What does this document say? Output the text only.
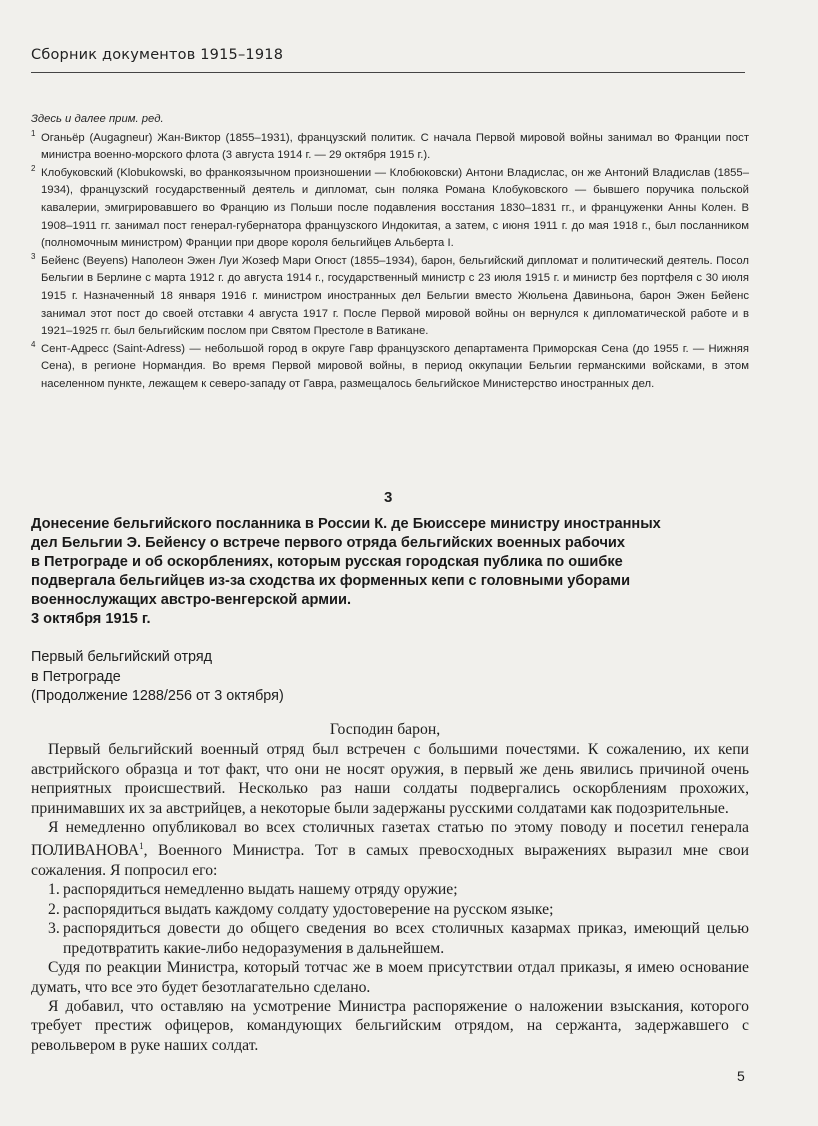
Сборник документов 1915–1918

Здесь и далее прим. ред.

1 Оганьёр (Augagneur) Жан-Виктор (1855–1931), французский политик. С начала Первой мировой войны занимал во Франции пост министра военно-морского флота (3 августа 1914 г. — 29 октября 1915 г.).

2 Клобуковский (Klobukowski, во франкоязычном произношении — Клобюковски) Антони Владислас, он же Антоний Владислав (1855–1934), французский государственный деятель и дипломат, сын поляка Романа Клобуковского — бывшего поручика польской кавалерии, эмигрировавшего во Францию из Польши после подавления восстания 1830–1831 гг., и француженки Анны Колен. В 1908–1911 гг. занимал пост генерал-губернатора французского Индокитая, а затем, с июня 1911 г. до мая 1918 г., был посланником (полномочным министром) Франции при дворе короля бельгийцев Альберта I.

3 Бейенс (Beyens) Наполеон Эжен Луи Жозеф Мари Огюст (1855–1934), барон, бельгийский дипломат и политический деятель. Посол Бельгии в Берлине с марта 1912 г. до августа 1914 г., государственный министр с 23 июля 1915 г. и министр без портфеля с 30 июля 1915 г. Назначенный 18 января 1916 г. министром иностранных дел Бельгии вместо Жюльена Давиньона, барон Эжен Бейенс занимал этот пост до своей отставки 4 августа 1917 г. После Первой мировой войны он вернулся к дипломатической работе и в 1921–1925 гг. был бельгийским послом при Святом Престоле в Ватикане.

4 Сент-Адресс (Saint-Adress) — небольшой город в округе Гавр французского департамента Приморская Сена (до 1955 г. — Нижняя Сена), в регионе Нормандия. Во время Первой мировой войны, в период оккупации Бельгии германскими войсками, в этом населенном пункте, лежащем к северо-западу от Гавра, размещалось бельгийское Министерство иностранных дел.

3
Донесение бельгийского посланника в России К. де Бюиссере министру иностранных
дел Бельгии Э. Бейенсу о встрече первого отряда бельгийских военных рабочих
в Петрограде и об оскорблениях, которым русская городская публика по ошибке
подвергала бельгийцев из-за сходства их форменных кепи с головными уборами
военнослужащих австро-венгерской армии.
3 октября 1915 г.
Первый бельгийский отряд
в Петрограде
(Продолжение 1288/256 от 3 октября)

Господин барон,

Первый бельгийский военный отряд был встречен с большими почестями. К сожалению, их кепи австрийского образца и тот факт, что они не носят оружия, в первый же день явились причиной очень неприятных происшествий. Несколько раз наши солдаты подвергались оскорблениям прохожих, принимавших их за австрийцев, а некоторые были задержаны русскими солдатами как подозрительные.

Я немедленно опубликовал во всех столичных газетах статью по этому поводу и посетил генерала ПОЛИВАНОВА$^1$, Военного Министра. Тот в самых превосходных выражениях выразил мне свои сожаления. Я попросил его:

1. распорядиться немедленно выдать нашему отряду оружие;

2. распорядиться выдать каждому солдату удостоверение на русском языке;

3. распорядиться довести до общего сведения во всех столичных казармах приказ, имеющий целью предотвратить какие-либо недоразумения в дальнейшем.

Судя по реакции Министра, который тотчас же в моем присутствии отдал приказы, я имею основание думать, что все это будет безотлагательно сделано.

Я добавил, что оставляю на усмотрение Министра распоряжение о наложении взыскания, которого требует престиж офицеров, командующих бельгийским отрядом, на сержанта, задержавшего с револьвером в руке наших солдат.

5
